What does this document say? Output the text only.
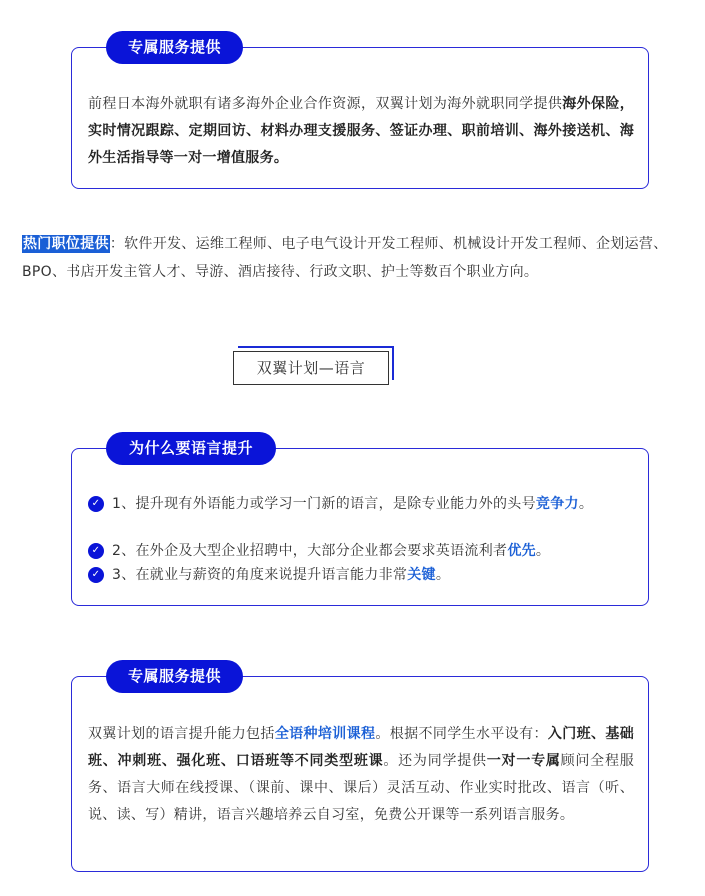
专属服务提供
前程日本海外就职有诸多海外企业合作资源，双翼计划为海外就职同学提供海外保险，实时情况跟踪、定期回访、材料办理支援服务、签证办理、职前培训、海外接送机、海外生活指导等一对一增值服务。
热门职位提供：软件开发、运维工程师、电子电气设计开发工程师、机械设计开发工程师、企划运营、BPO、书店开发主管人才、导游、酒店接待、行政文职、护士等数百个职业方向。
双翼计划—语言
为什么要语言提升
✓ 1、提升现有外语能力或学习一门新的语言，是除专业能力外的头号竞争力。
✓ 2、在外企及大型企业招聘中，大部分企业都会要求英语流利者优先。
✓ 3、在就业与薪资的角度来说提升语言能力非常关键。
专属服务提供
双翼计划的语言提升能力包括全语种培训课程。根据不同学生水平设有：入门班、基础班、冲刺班、强化班、口语班等不同类型班课。还为同学提供一对一专属顾问全程服务、语言大师在线授课、（课前、课中、课后）灵活互动、作业实时批改、语言（听、说、读、写）精讲，语言兴趣培养云自习室，免费公开课等一系列语言服务。
